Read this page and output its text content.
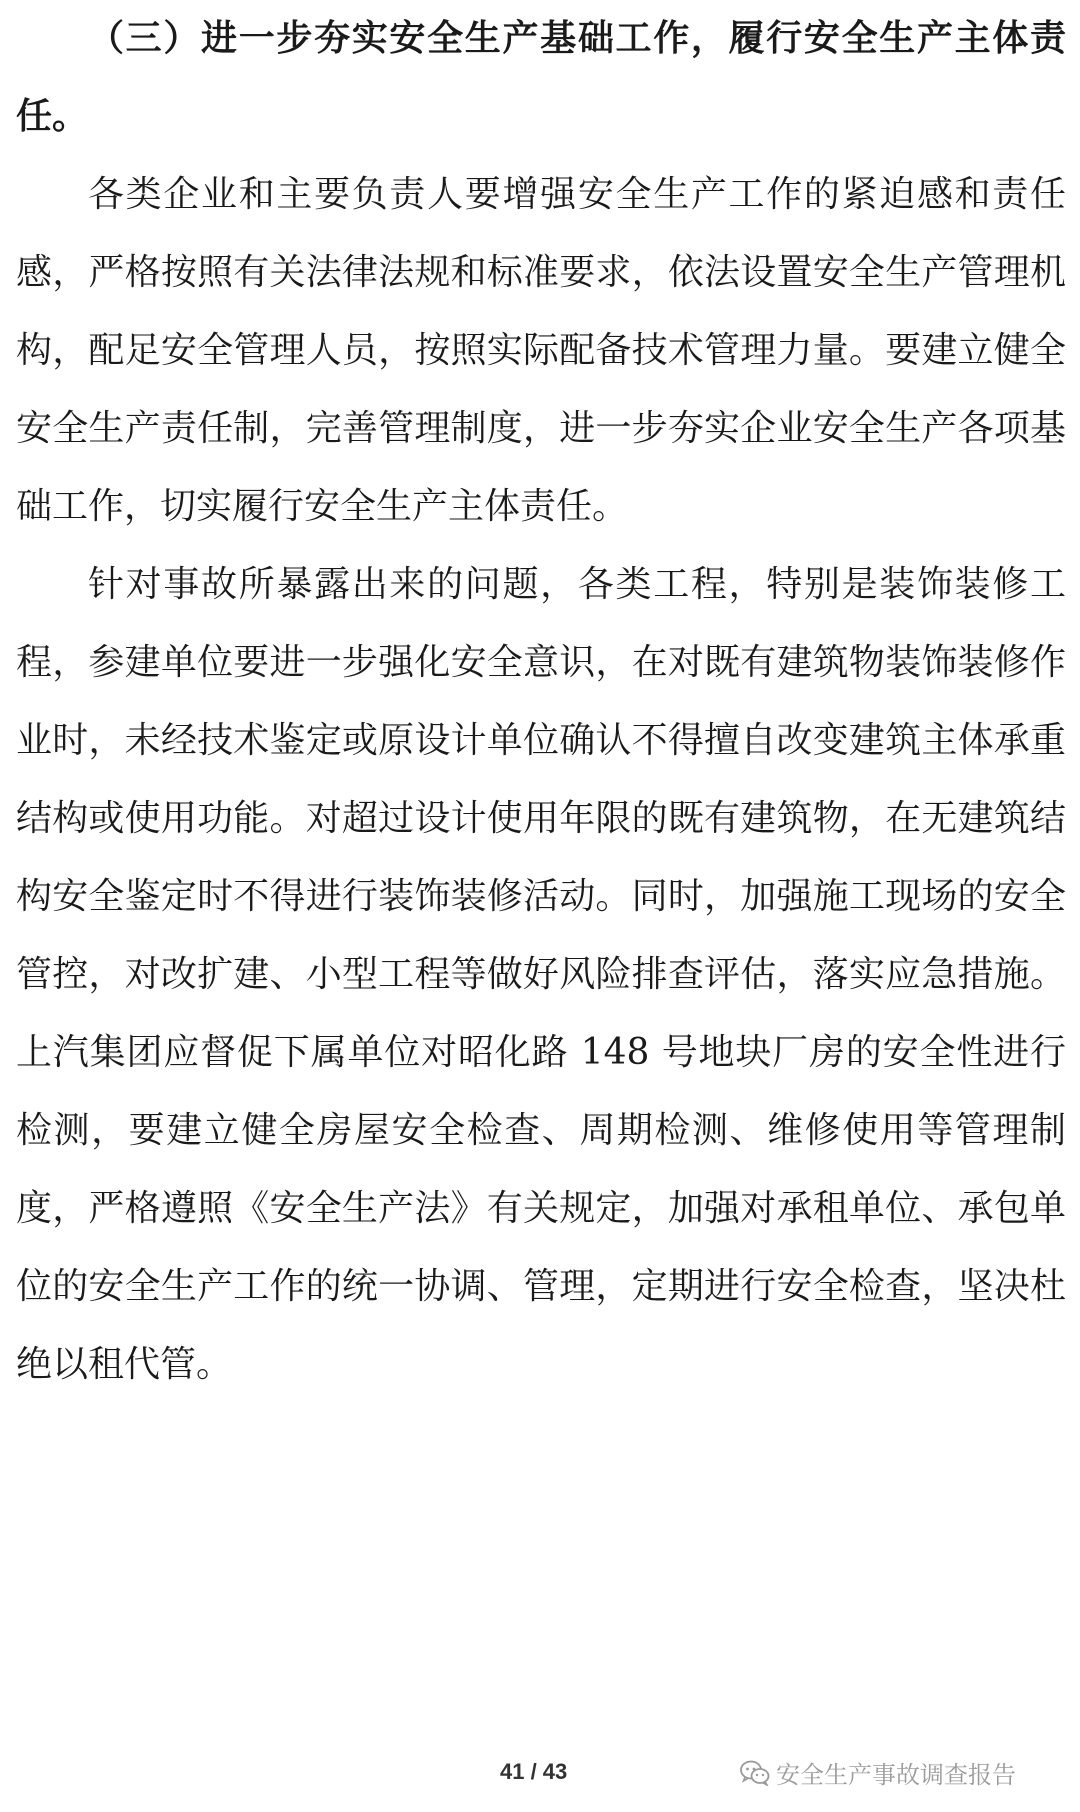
（三）进一步夯实安全生产基础工作，履行安全生产主体责任。

各类企业和主要负责人要增强安全生产工作的紧迫感和责任感，严格按照有关法律法规和标准要求，依法设置安全生产管理机构，配足安全管理人员，按照实际配备技术管理力量。要建立健全安全生产责任制，完善管理制度，进一步夯实企业安全生产各项基础工作，切实履行安全生产主体责任。

针对事故所暴露出来的问题，各类工程，特别是装饰装修工程，参建单位要进一步强化安全意识，在对既有建筑物装饰装修作业时，未经技术鉴定或原设计单位确认不得擅自改变建筑主体承重结构或使用功能。对超过设计使用年限的既有建筑物，在无建筑结构安全鉴定时不得进行装饰装修活动。同时，加强施工现场的安全管控，对改扩建、小型工程等做好风险排查评估，落实应急措施。上汽集团应督促下属单位对昭化路 148 号地块厂房的安全性进行检测，要建立健全房屋安全检查、周期检测、维修使用等管理制度，严格遵照《安全生产法》有关规定，加强对承租单位、承包单位的安全生产工作的统一协调、管理，定期进行安全检查，坚决杜绝以租代管。

41 / 43	安全生产事故调查报告
